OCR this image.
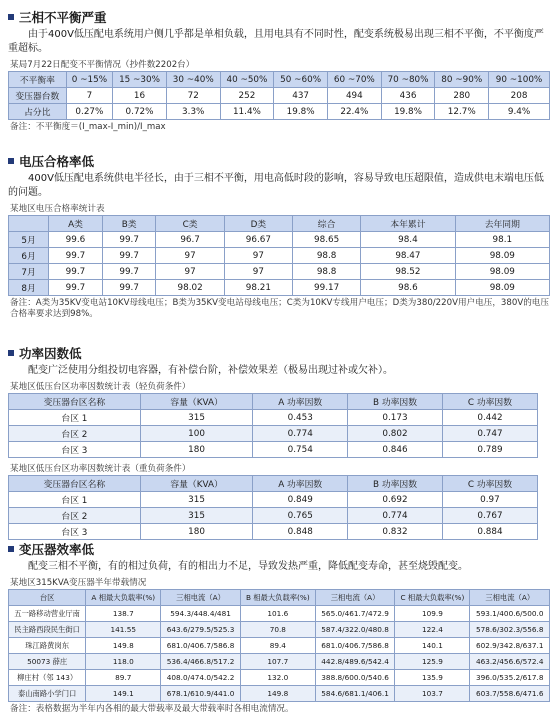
三相不平衡严重

由于400V低压配电系统用户侧几乎都是单相负载，且用电具有不同时性，配变系统极易出现三相不平衡，不平衡度严重超标。

某局7月22日配变不平衡情况（抄件数2202台）
不平衡率	0 ~15%	15 ~30%	30 ~40%	40 ~50%	50 ~60%	60 ~70%	70 ~80%	80 ~90%	90 ~100%
变压器台数	7	16	72	252	437	494	436	280	208
占分比	0.27%	0.72%	3.3%	11.4%	19.8%	22.4%	19.8%	12.7%	9.4%
备注：不平衡度＝(I_max-I_min)/I_max
电压合格率低

400V低压配电系统供电半径长，由于三相不平衡，用电高低时段的影响，容易导致电压超限值，造成供电末端电压低的问题。

某地区电压合格率统计表
	A类	B类	C类	D类	综合	本年累计	去年同期
5月	99.6	99.7	96.7	96.67	98.65	98.4	98.1
6月	99.7	99.7	97	97	98.8	98.47	98.09
7月	99.7	99.7	97	97	98.8	98.52	98.09
8月	99.7	99.7	98.02	98.21	99.17	98.6	98.09
备注：A类为35KV变电站10KV母线电压；B类为35KV变电站母线电压；C类为10KV专线用户电压；D类为380/220V用户电压，380V的电压合格率要求达到98%。
功率因数低

配变广泛使用分组投切电容器，有补偿台阶，补偿效果差（极易出现过补或欠补）。

某地区低压台区功率因数统计表（轻负荷条件）
变压器台区名称	容量（KVA）	A 功率因数	B 功率因数	C 功率因数
台区 1	315	0.453	0.173	0.442
台区 2	100	0.774	0.802	0.747
台区 3	180	0.754	0.846	0.789
某地区低压台区功率因数统计表（重负荷条件）
变压器台区名称	容量（KVA）	A 功率因数	B 功率因数	C 功率因数
台区 1	315	0.849	0.692	0.97
台区 2	315	0.765	0.774	0.767
台区 3	180	0.848	0.832	0.884
变压器效率低

配变三相不平衡，有的相过负荷，有的相出力不足，导致发热严重，降低配变寿命，甚至烧毁配变。

某地区315KVA变压器半年带载情况
台区	A 相最大负载率(%)	三相电流（A）	B 相最大负载率(%)	三相电流（A）	C 相最大负载率(%)	三相电流（A）
五一路移动营业厅南	138.7	594.3/448.4/481	101.6	565.0/461.7/472.9	109.9	593.1/400.6/500.0
民主路西段民生街口	141.55	643.6/279.5/525.3	70.8	587.4/322.0/480.8	122.4	578.6/302.3/556.8
珠江路黄岗东	149.8	681.0/406.7/586.8	89.4	681.0/406.7/586.8	140.1	602.9/342.8/637.1
50073 薛庄	118.0	536.4/466.8/517.2	107.7	442.8/489.6/542.4	125.9	463.2/456.6/572.4
柳庄村（邻 143）	89.7	408.0/474.0/542.2	132.0	388.8/600.0/540.6	135.9	396.0/535.2/617.8
泰山南路小学门口	149.1	678.1/610.9/441.0	149.8	584.6/681.1/406.1	103.7	603.7/558.6/471.6
备注：表格数据为半年内各相的最大带载率及最大带载率时各相电流情况。
